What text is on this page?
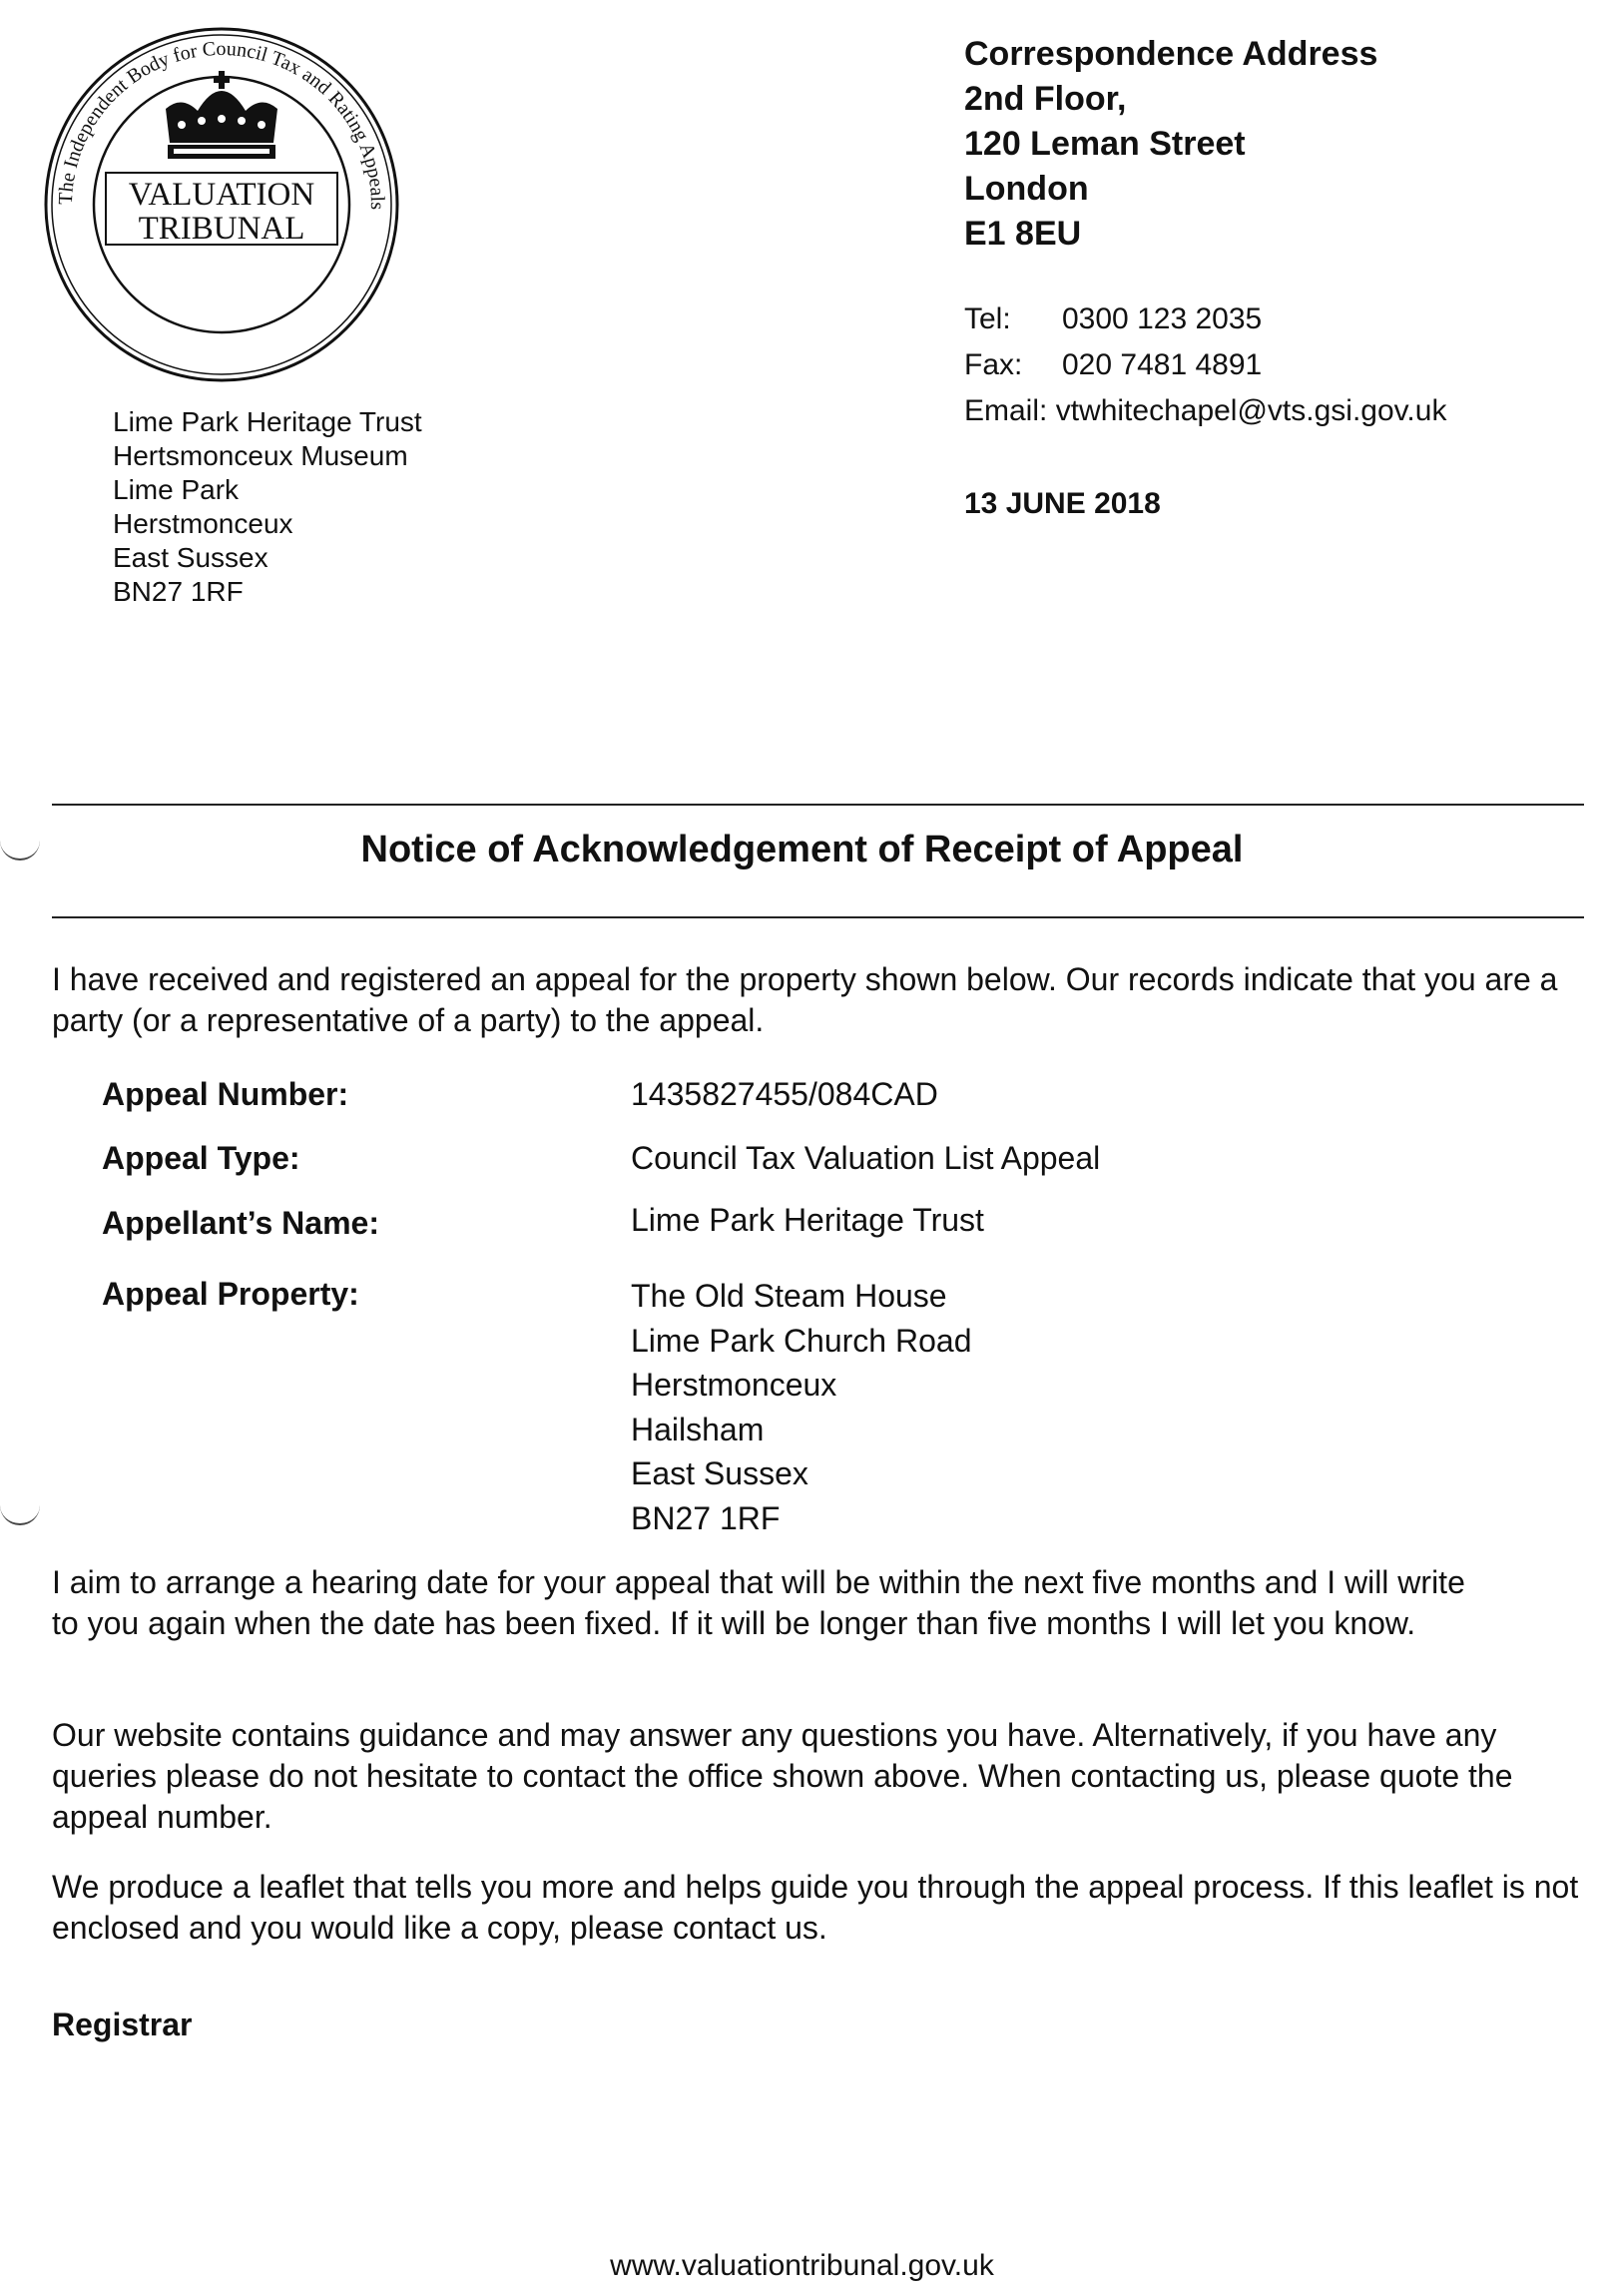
The Independent Body for Council Tax and Rating Appeals
VALUATION
TRIBUNAL
Lime Park Heritage Trust
Hertsmonceux Museum
Lime Park
Herstmonceux
East Sussex
BN27 1RF
Correspondence Address
2nd Floor,
120 Leman Street
London
E1 8EU
Tel: 0300 123 2035
Fax: 020 7481 4891
Email: vtwhitechapel@vts.gsi.gov.uk
13 JUNE 2018
Notice of Acknowledgement of Receipt of Appeal

I have received and registered an appeal for the property shown below. Our records indicate that you are a party (or a representative of a party) to the appeal.

Appeal Number:	1435827455/084CAD
Appeal Type:	Council Tax Valuation List Appeal
Appellant’s Name:	Lime Park Heritage Trust
Appeal Property:	The Old Steam House
Lime Park Church Road
Herstmonceux
Hailsham
East Sussex
BN27 1RF

I aim to arrange a hearing date for your appeal that will be within the next five months and I will write to you again when the date has been fixed. If it will be longer than five months I will let you know.

Our website contains guidance and may answer any questions you have. Alternatively, if you have any queries please do not hesitate to contact the office shown above. When contacting us, please quote the appeal number.

We produce a leaflet that tells you more and helps guide you through the appeal process. If this leaflet is not enclosed and you would like a copy, please contact us.

Registrar
www.valuationtribunal.gov.uk
